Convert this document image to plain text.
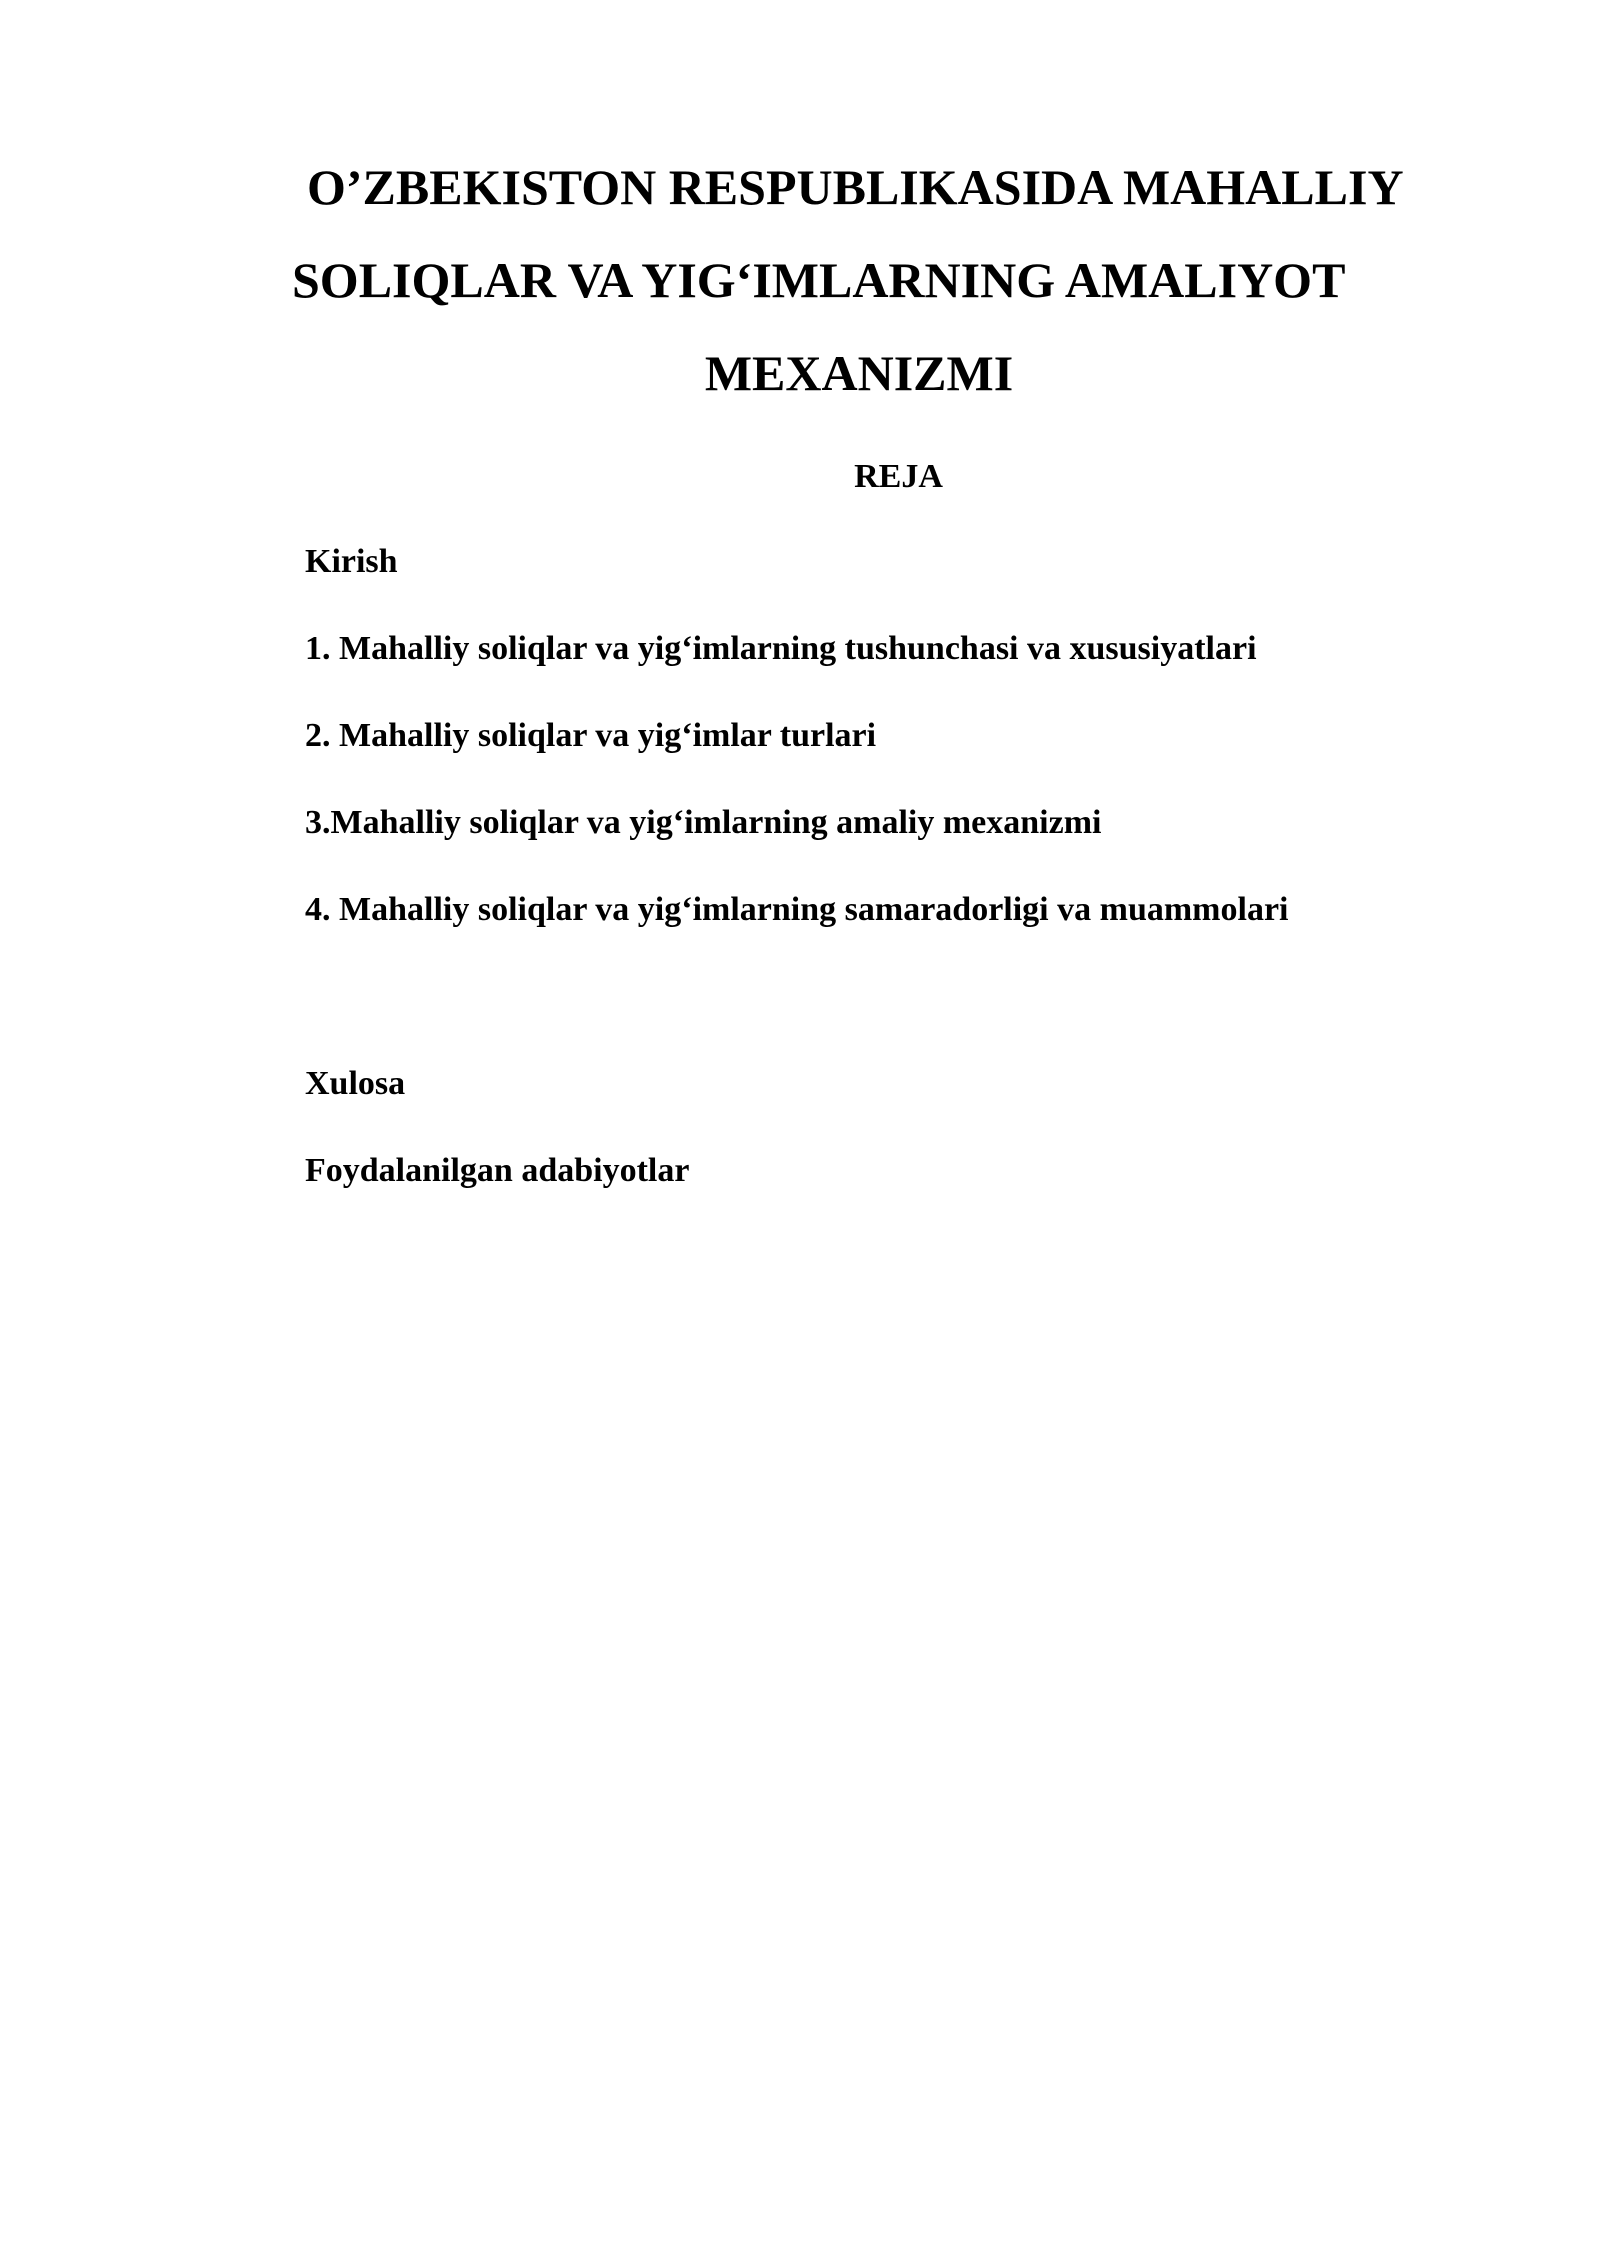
O’ZBEKISTON RESPUBLIKASIDA MAHALLIY
SOLIQLAR VA YIG‘IMLARNING AMALIYOT
MEXANIZMI
REJA

Kirish

1. Mahalliy soliqlar va yig‘imlarning tushunchasi va xususiyatlari

2. Mahalliy soliqlar va yig‘imlar turlari

3.Mahalliy soliqlar va yig‘imlarning amaliy mexanizmi

4. Mahalliy soliqlar va yig‘imlarning samaradorligi va muammolari

Xulosa

Foydalanilgan adabiyotlar
